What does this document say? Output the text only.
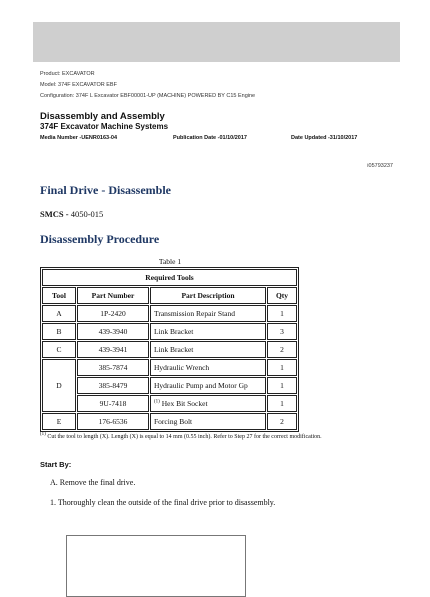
Product: EXCAVATOR
Model: 374F EXCAVATOR EBF
Configuration: 374F L Excavator EBF00001-UP (MACHINE) POWERED BY C15 Engine
Disassembly and Assembly
374F Excavator Machine Systems
Media Number -UENR0163-04	Publication Date -01/10/2017	Date Updated -31/10/2017
i05793237
Final Drive - Disassemble
SMCS - 4050-015
Disassembly Procedure
Table 1
Required Tools			
Tool	Part Number	Part Description	Qty
A	1P-2420	Transmission Repair Stand	1
B	439-3940	Link Bracket	3
C	439-3941	Link Bracket	2
D	385-7874	Hydraulic Wrench	1
	385-8479	Hydraulic Pump and Motor Gp	1
	9U-7418	$^{(1)}$ Hex Bit Socket	1
E	176-6536	Forcing Bolt	2
$^{(1)}$ Cut the tool to length (X). Length (X) is equal to 14 mm (0.55 inch). Refer to Step 27 for the correct modification.
Start By:
A. Remove the final drive.
1. Thoroughly clean the outside of the final drive prior to disassembly.
